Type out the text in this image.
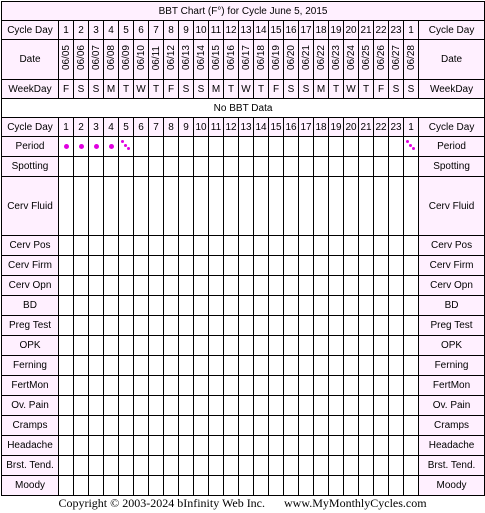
BBT Chart (F°) for Cycle June 5, 2015																									
Cycle Day	1	2	3	4	5	6	7	8	9	10	11	12	13	14	15	16	17	18	19	20	21	22	23	1	Cycle Day
Date	06/05	06/06	06/07	06/08	06/09	06/10	06/11	06/12	06/13	06/14	06/15	06/16	06/17	06/18	06/19	06/20	06/21	06/22	06/23	06/24	06/25	06/26	06/27	06/28	Date
WeekDay	F	S	S	M	T	W	T	F	S	S	M	T	W	T	F	S	S	M	T	W	T	F	S	S	WeekDay
No BBT Data																									
Cycle Day	1	2	3	4	5	6	7	8	9	10	11	12	13	14	15	16	17	18	19	20	21	22	23	1	Cycle Day
Period																									Period
Spotting																									Spotting
Cerv Fluid																									Cerv Fluid
Cerv Pos																									Cerv Pos
Cerv Firm																									Cerv Firm
Cerv Opn																									Cerv Opn
BD																									BD
Preg Test																									Preg Test
OPK																									OPK
Ferning																									Ferning
FertMon																									FertMon
Ov. Pain																									Ov. Pain
Cramps																									Cramps
Headache																									Headache
Brst. Tend.																									Brst. Tend.
Moody																									Moody
Copyright © 2003-2024 bInfinity Web Inc. www.MyMonthlyCycles.com
